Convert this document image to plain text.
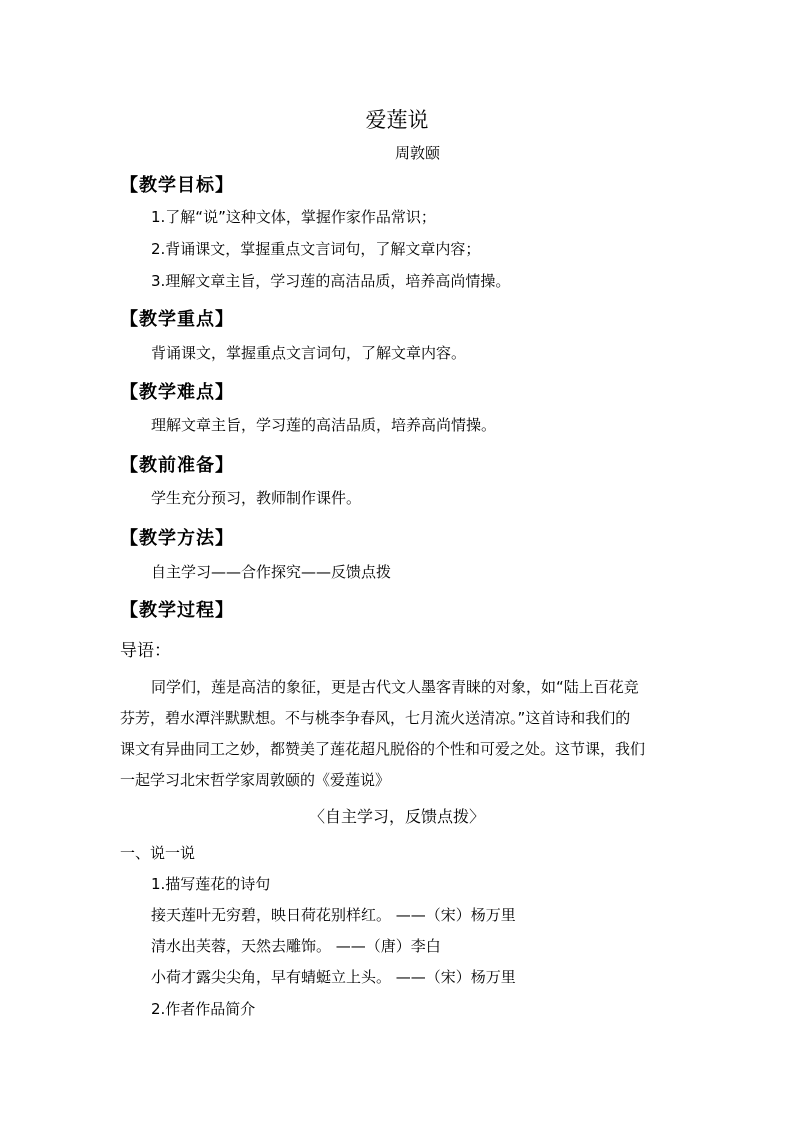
爱莲说
周敦颐
【教学目标】
1.了解“说”这种文体，掌握作家作品常识；
2.背诵课文，掌握重点文言词句，了解文章内容；
3.理解文章主旨，学习莲的高洁品质，培养高尚情操。
【教学重点】
背诵课文，掌握重点文言词句，了解文章内容。
【教学难点】
理解文章主旨，学习莲的高洁品质，培养高尚情操。
【教前准备】
学生充分预习，教师制作课件。
【教学方法】
自主学习——合作探究——反馈点拨
【教学过程】
导语：
同学们，莲是高洁的象征，更是古代文人墨客青睐的对象，如“陆上百花竞
芬芳，碧水潭泮默默想。不与桃李争春风，七月流火送清凉。”这首诗和我们的
课文有异曲同工之妙，都赞美了莲花超凡脱俗的个性和可爱之处。这节课，我们
一起学习北宋哲学家周敦颐的《爱莲说》
〈自主学习，反馈点拨〉
一、说一说
1.描写莲花的诗句
接天莲叶无穷碧，映日荷花别样红。 ——（宋）杨万里
清水出芙蓉，天然去雕饰。 ——（唐）李白
小荷才露尖尖角，早有蜻蜓立上头。 ——（宋）杨万里
2.作者作品简介
